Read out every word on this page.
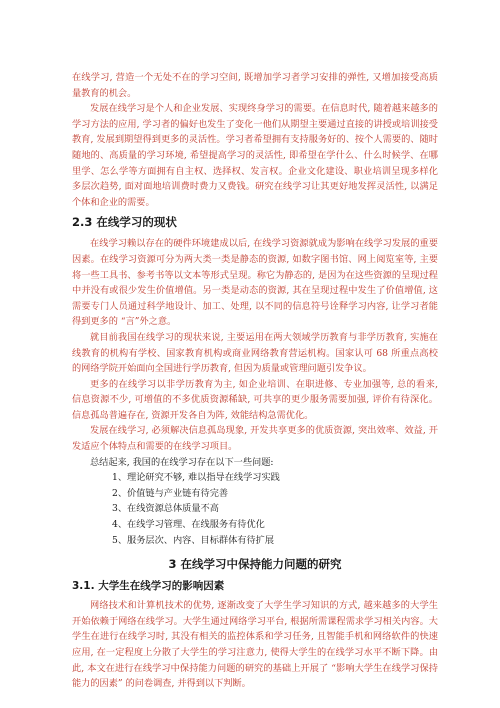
在线学习, 营造一个无处不在的学习空间, 既增加学习者学习安排的弹性, 又增加接受高质量教育的机会。

发展在线学习是个人和企业发展、实现终身学习的需要。在信息时代, 随着越来越多的学习方法的应用, 学习者的偏好也发生了变化一他们从期望主要通过直接的讲授或培训接受教育, 发展到期望得到更多的灵活性。学习者希望拥有支持服务好的、按个人需要的、随时随地的、高质量的学习环境, 希望提高学习的灵活性, 即希望在学什么、什么时候学、在哪里学、怎么学等方面拥有自主权、选择权、发言权。企业文化建设、职业培训呈现多样化多层次趋势, 面对面地培训费时费力又费钱。研究在线学习让其更好地发挥灵活性, 以满足个体和企业的需要。

2.3 在线学习的现状

在线学习赖以存在的硬件环境建成以后, 在线学习资源就成为影响在线学习发展的重要因素。在线学习资源可分为两大类一类是静态的资源, 如数字图书馆、网上阅览室等, 主要将一些工具书、参考书等以文本等形式呈现。称它为静态的, 是因为在这些资源的呈现过程中并没有或很少发生价值增值。另一类是动态的资源, 其在呈现过程中发生了价值增值, 这需要专门人员通过科学地设计、加工、处理, 以不同的信息符号诠释学习内容, 让学习者能得到更多的 “言”外之意。

就目前我国在线学习的现状来说, 主要运用在两大领域学历教育与非学历教育, 实施在线教育的机构有学校、国家教育机构或商业网络教育营运机构。国家认可 68 所重点高校的网络学院开始面向全国进行学历教育, 但因为质量或管理问题引发争议。

更多的在线学习以非学历教育为主, 如企业培训、在职进修、专业加强等, 总的看来, 信息资源不少, 可增值的不多优质资源稀缺, 可共享的更少服务需要加强, 评价有待深化。信息孤岛普遍存在, 资源开发各自为阵, 效能结构急需优化。

发展在线学习, 必须解决信息孤岛现象, 开发共享更多的优质资源, 突出效率、效益, 开发适应个体特点和需要的在线学习项目。

总结起来, 我国的在线学习存在以下一些问题:

1、理论研究不够, 难以指导在线学习实践
2、价值链与产业链有待完善
3、在线资源总体质量不高
4、在线学习管理、在线服务有待优化
5、服务层次、内容、目标群体有待扩展
3 在线学习中保持能力问题的研究
3.1. 大学生在线学习的影响因素

网络技术和计算机技术的优势, 逐渐改变了大学生学习知识的方式, 越来越多的大学生开始依赖于网络在线学习。大学生通过网络学习平台, 根据所需课程需求学习相关内容。大学生在进行在线学习时, 其没有相关的监控体系和学习任务, 且智能手机和网络软件的快速应用, 在一定程度上分散了大学生的学习注意力, 使得大学生的在线学习水平不断下降。由此, 本文在进行在线学习中保持能力问题的研究的基础上开展了 “影响大学生在线学习保持能力的因素” 的问卷调查, 并得到以下判断。
